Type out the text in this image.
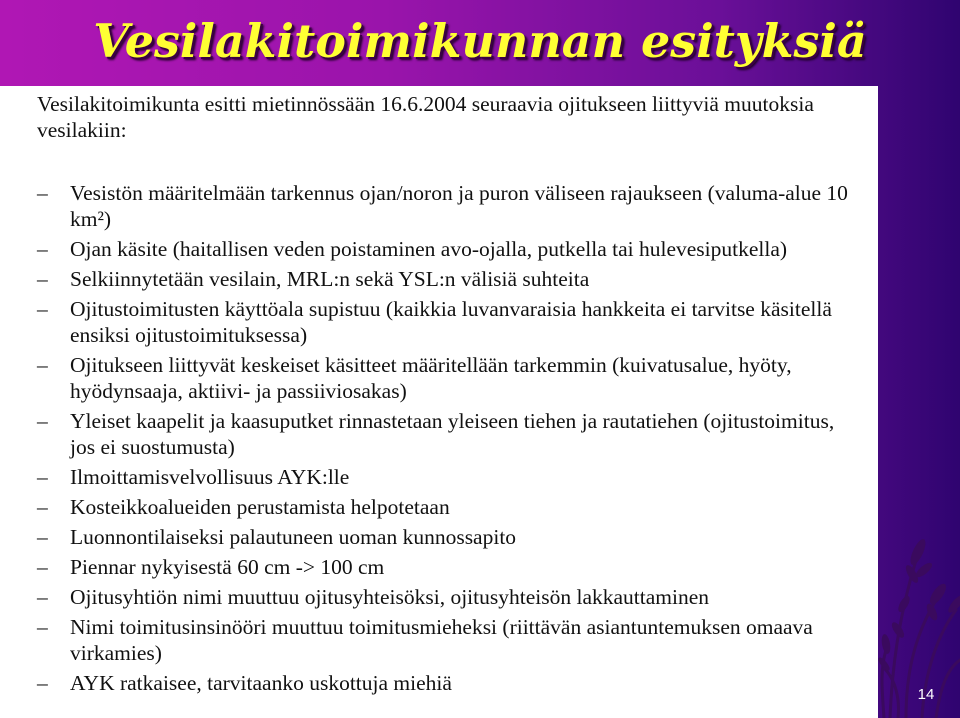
Vesilakitoimikunnan esityksiä

Vesilakitoimikunta esitti mietinnössään 16.6.2004 seuraavia ojitukseen liittyviä muutoksia vesilakiin:

– Vesistön määritelmään tarkennus ojan/noron ja puron väliseen rajaukseen (valuma-alue 10 km²)
– Ojan käsite (haitallisen veden poistaminen avo-ojalla, putkella tai hulevesiputkella)
– Selkiinnytetään vesilain, MRL:n sekä YSL:n välisiä suhteita
– Ojitustoimitusten käyttöala supistuu (kaikkia luvanvaraisia hankkeita ei tarvitse käsitellä ensiksi ojitustoimituksessa)
– Ojitukseen liittyvät keskeiset käsitteet määritellään tarkemmin (kuivatusalue, hyöty, hyödynsaaja, aktiivi- ja passiiviosakas)
– Yleiset kaapelit ja kaasuputket rinnastetaan yleiseen tiehen ja rautatiehen (ojitustoimitus, jos ei suostumusta)
– Ilmoittamisvelvollisuus AYK:lle
– Kosteikkoalueiden perustamista helpotetaan
– Luonnontilaiseksi palautuneen uoman kunnossapito
– Piennar nykyisestä 60 cm -> 100 cm
– Ojitusyhtiön nimi muuttuu ojitusyhteisöksi, ojitusyhteisön lakkauttaminen
– Nimi toimitusinsinööri muuttuu toimitusmieheksi (riittävän asiantuntemuksen omaava virkamies)
– AYK ratkaisee, tarvitaanko uskottuja miehiä	14
